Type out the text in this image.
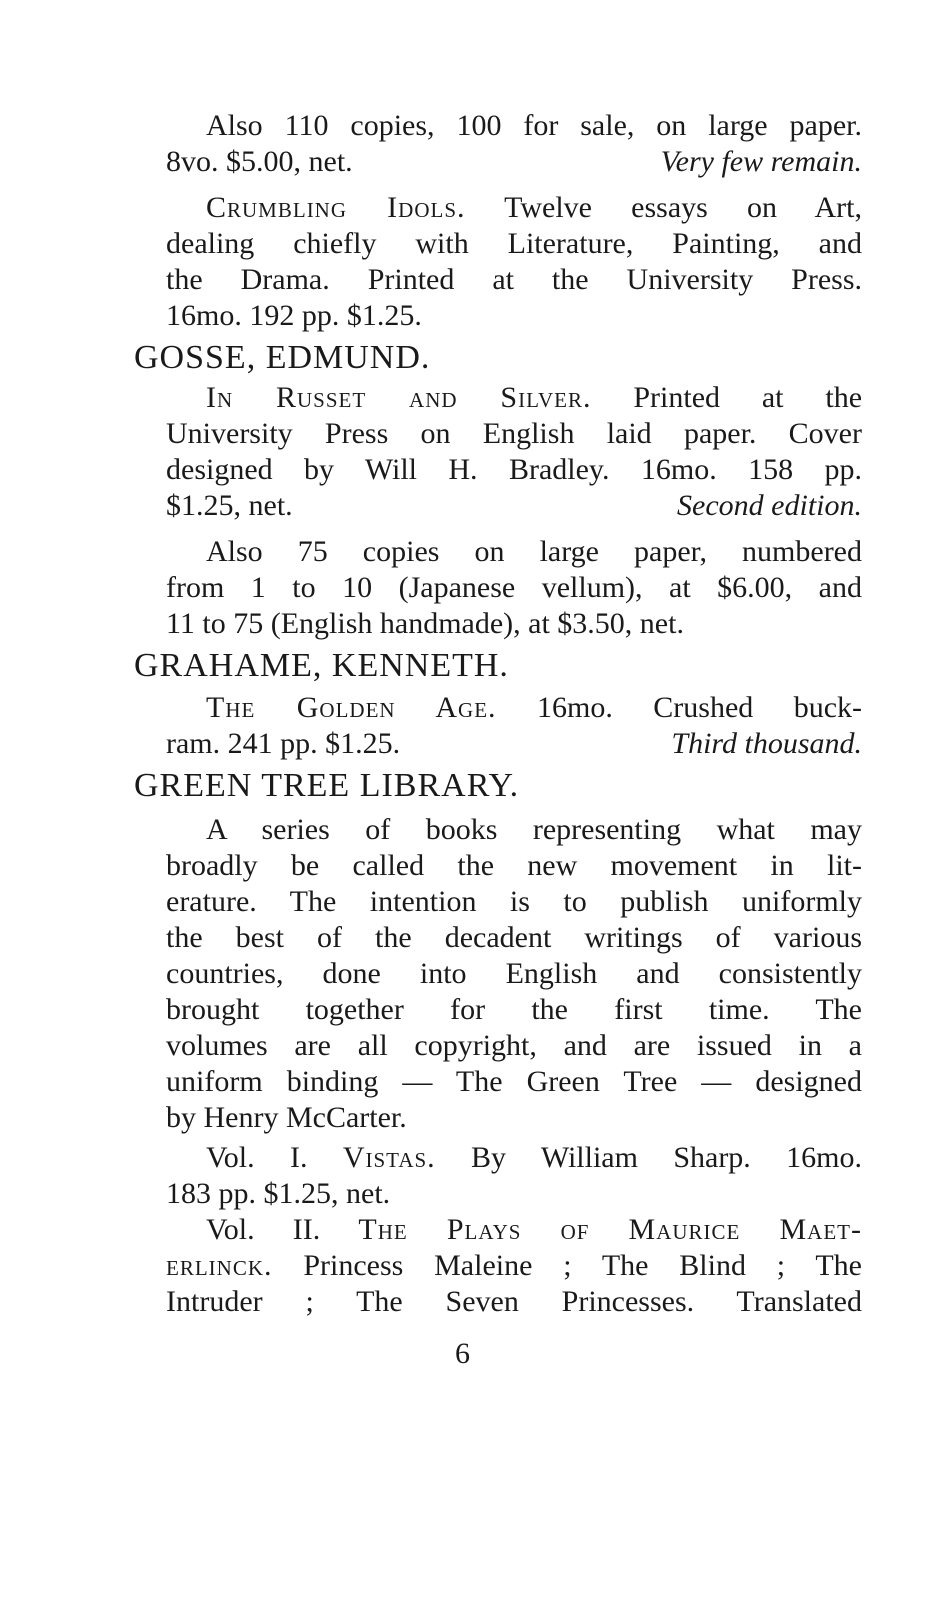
Also 110 copies, 100 for sale, on large paper.
8vo. $5.00, net.	Very few remain.
Crumbling Idols. Twelve essays on Art,
dealing chiefly with Literature, Painting, and
the Drama. Printed at the University Press.
16mo. 192 pp. $1.25.
GOSSE, EDMUND.
In Russet and Silver. Printed at the
University Press on English laid paper. Cover
designed by Will H. Bradley. 16mo. 158 pp.
$1.25, net.	Second edition.
Also 75 copies on large paper, numbered
from 1 to 10 (Japanese vellum), at $6.00, and
11 to 75 (English handmade), at $3.50, net.
GRAHAME, KENNETH.
The Golden Age. 16mo. Crushed buck-
ram. 241 pp. $1.25.	Third thousand.
GREEN TREE LIBRARY.
A series of books representing what may
broadly be called the new movement in lit-
erature. The intention is to publish uniformly
the best of the decadent writings of various
countries, done into English and consistently
brought together for the first time. The
volumes are all copyright, and are issued in a
uniform binding — The Green Tree — designed
by Henry McCarter.
Vol. I. Vistas. By William Sharp. 16mo.
183 pp. $1.25, net.
Vol. II. The Plays of Maurice Maet-
erlinck. Princess Maleine ; The Blind ; The
Intruder ; The Seven Princesses. Translated
6
